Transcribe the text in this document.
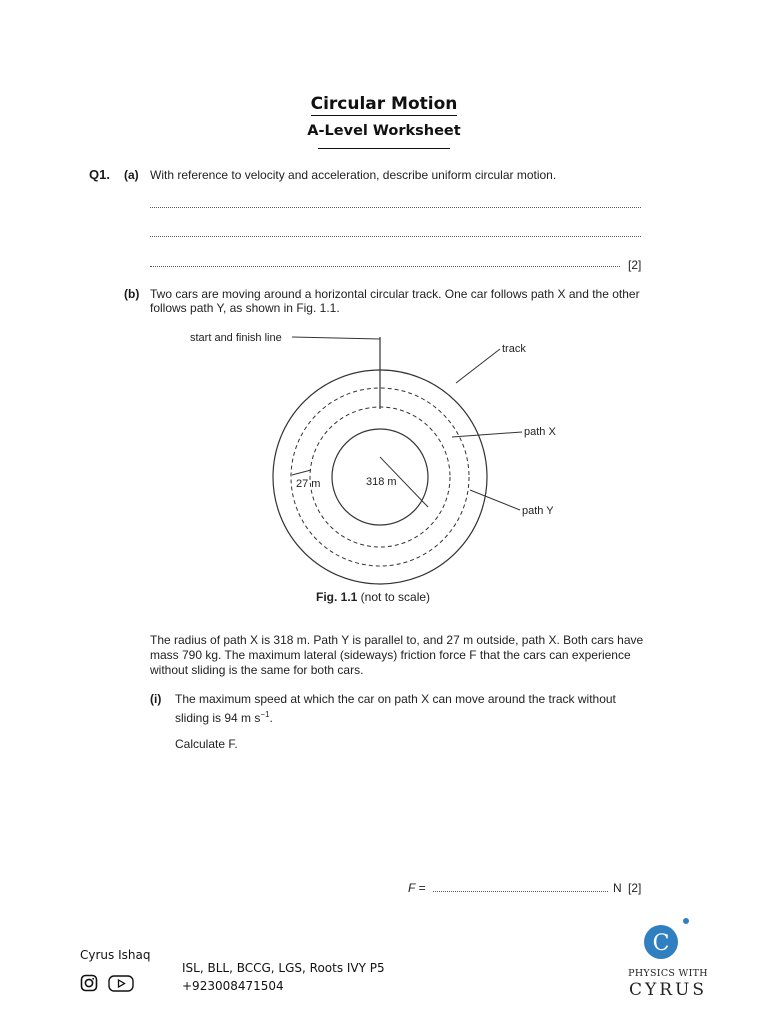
Circular Motion
A-Level Worksheet
Q1. (a) With reference to velocity and acceleration, describe uniform circular motion.
[2]
(b) Two cars are moving around a horizontal circular track. One car follows path X and the other
follows path Y, as shown in Fig. 1.1.
start and finish line
track
path X
path Y
27 m	318 m
Fig. 1.1 (not to scale)
The radius of path X is 318 m. Path Y is parallel to, and 27 m outside, path X. Both cars have
mass 790 kg. The maximum lateral (sideways) friction force F that the cars can experience
without sliding is the same for both cars.
(i) The maximum speed at which the car on path X can move around the track without
sliding is 94 m $s^{-1}$.
Calculate F.
F =	N [2]
Cyrus Ishaq
ISL, BLL, BCCG, LGS, Roots IVY P5
+923008471504
C
PHYSICS WITH
CYRUS
